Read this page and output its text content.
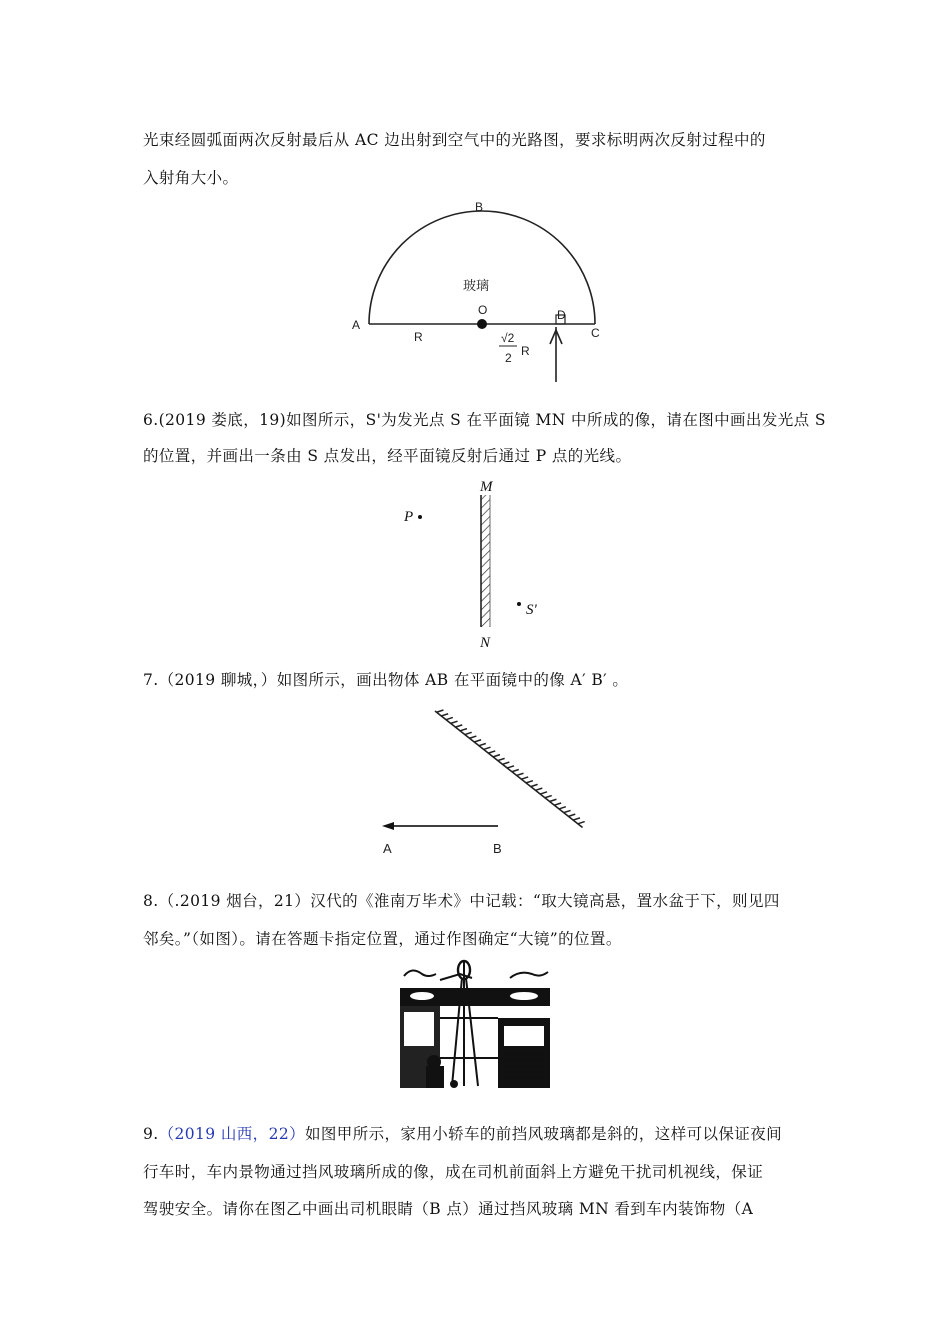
光束经圆弧面两次反射最后从 AC 边出射到空气中的光路图，要求标明两次反射过程中的
入射角大小。
B
玻璃
O
A
D
C
R	√2
2 R
6.(2019 娄底，19)如图所示，S'为发光点 S 在平面镜 MN 中所成的像，请在图中画出发光点 S
的位置，并画出一条由 S 点发出，经平面镜反射后通过 P 点的光线。
M
N
P
S'
7.（2019 聊城，）如图所示，画出物体 AB 在平面镜中的像 A′ B′ 。
A	B
8.（.2019 烟台，21）汉代的《淮南万毕术》中记载：“取大镜高悬，置水盆于下，则见四
邻矣。”（如图）。请在答题卡指定位置，通过作图确定“大镜”的位置。
9.（2019 山西，22）如图甲所示，家用小轿车的前挡风玻璃都是斜的，这样可以保证夜间
行车时，车内景物通过挡风玻璃所成的像，成在司机前面斜上方避免干扰司机视线，保证
驾驶安全。请你在图乙中画出司机眼睛（B 点）通过挡风玻璃 MN 看到车内装饰物（A
